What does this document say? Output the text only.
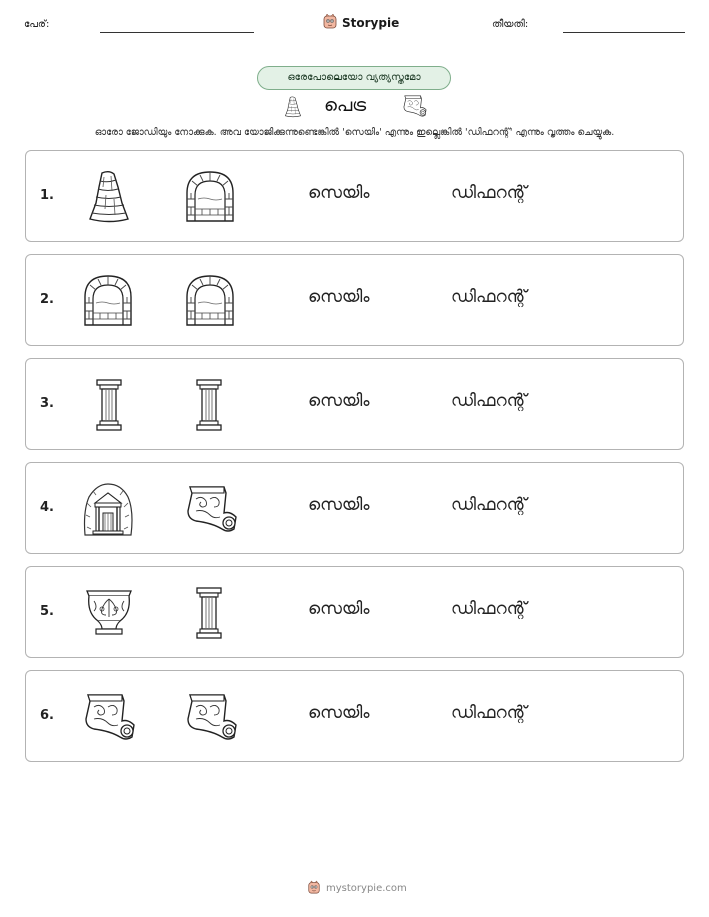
പേര്:	Storypie	തീയതി:
ഒരേപോലെയോ വ്യത്യസ്തമോ
പെട്ര
ഓരോ ജോഡിയും നോക്കുക. അവ യോജിക്കുന്നുണ്ടെങ്കിൽ 'സെയിം' എന്നും ഇല്ലെങ്കിൽ 'ഡിഫറന്റ്' എന്നും വൃത്തം ചെയ്യുക.
1.	സെയിം	ഡിഫറന്റ്
2.	സെയിം	ഡിഫറന്റ്
3.	സെയിം	ഡിഫറന്റ്
4.	സെയിം	ഡിഫറന്റ്
5.	സെയിം	ഡിഫറന്റ്
6.	സെയിം	ഡിഫറന്റ്
mystorypie.com
